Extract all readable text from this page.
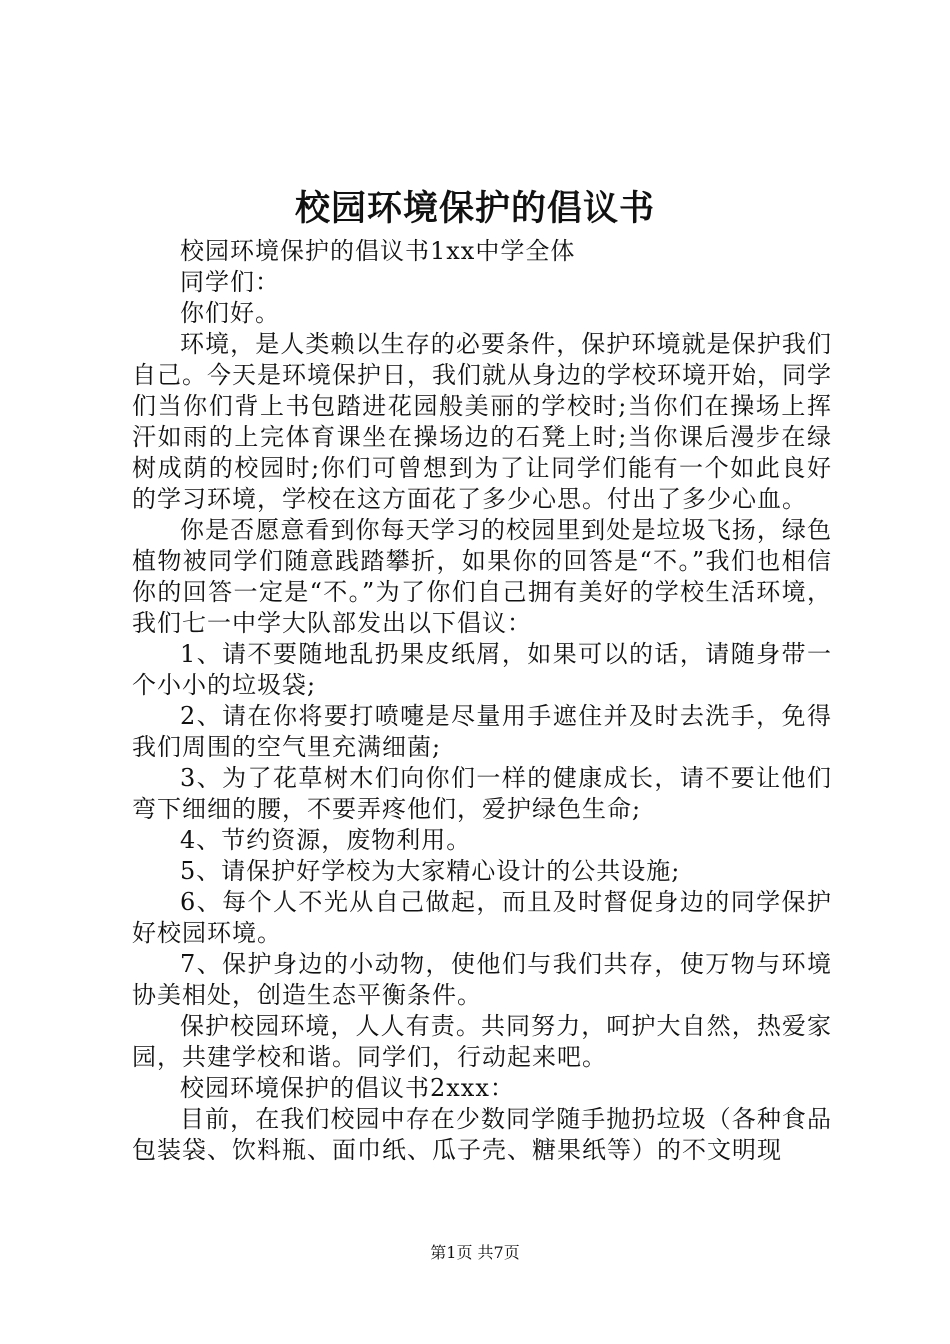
校园环境保护的倡议书

校园环境保护的倡议书1xx中学全体

同学们：

你们好。

环境，是人类赖以生存的必要条件，保护环境就是保护我们自己。今天是环境保护日，我们就从身边的学校环境开始，同学们当你们背上书包踏进花园般美丽的学校时;当你们在操场上挥汗如雨的上完体育课坐在操场边的石凳上时;当你课后漫步在绿树成荫的校园时;你们可曾想到为了让同学们能有一个如此良好的学习环境，学校在这方面花了多少心思。付出了多少心血。

你是否愿意看到你每天学习的校园里到处是垃圾飞扬，绿色植物被同学们随意践踏攀折，如果你的回答是“不。”我们也相信你的回答一定是“不。”为了你们自己拥有美好的学校生活环境，我们七一中学大队部发出以下倡议：

1、请不要随地乱扔果皮纸屑，如果可以的话，请随身带一个小小的垃圾袋;

2、请在你将要打喷嚏是尽量用手遮住并及时去洗手，免得我们周围的空气里充满细菌;

3、为了花草树木们向你们一样的健康成长，请不要让他们弯下细细的腰，不要弄疼他们，爱护绿色生命;

4、节约资源，废物利用。

5、请保护好学校为大家精心设计的公共设施;

6、每个人不光从自己做起，而且及时督促身边的同学保护好校园环境。

7、保护身边的小动物，使他们与我们共存，使万物与环境协美相处，创造生态平衡条件。

保护校园环境，人人有责。共同努力，呵护大自然，热爱家园，共建学校和谐。同学们，行动起来吧。

校园环境保护的倡议书2xxx：

目前，在我们校园中存在少数同学随手抛扔垃圾（各种食品包装袋、饮料瓶、面巾纸、瓜子壳、糖果纸等）的不文明现

第1页 共7页
